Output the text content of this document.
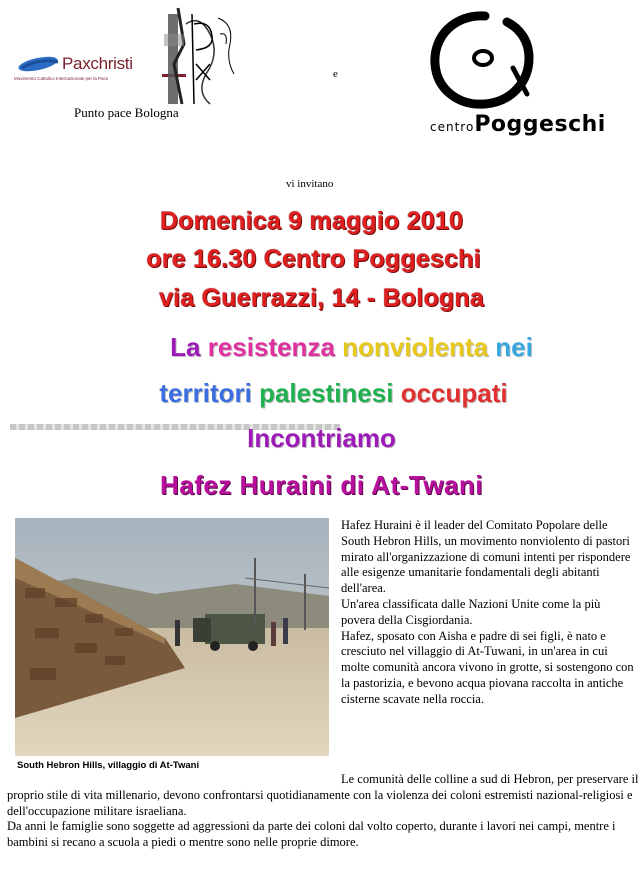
Paxchristi
Movimento Cattolico Internazionale per la Pace
Punto pace Bologna
e
centroPoggeschi
vi invitano
Domenica 9 maggio 2010
ore 16.30 Centro Poggeschi
via Guerrazzi, 14 - Bologna
La resistenza nonviolenta nei
territori palestinesi occupati
Incontriamo
Hafez Huraini di At-Twani
South Hebron Hills, villaggio di At-Twani

Hafez Huraini è il leader del Comitato Popolare delle South Hebron Hills, un movimento nonviolento di pastori mirato all'organizzazione di comuni intenti per rispondere alle esigenze umanitarie fondamentali degli abitanti dell'area.

Un'area classificata dalle Nazioni Unite come la più povera della Cisgiordania.

Hafez, sposato con Aisha e padre di sei figli, è nato e cresciuto nel villaggio di At-Tuwani, in un'area in cui molte comunità ancora vivono in grotte, si sostengono con la pastorizia, e bevono acqua piovana raccolta in antiche cisterne scavate nella roccia.

Le comunità delle colline a sud di Hebron, per preservare il proprio stile di vita millenario, devono confrontarsi quotidianamente con la violenza dei coloni estremisti nazional-religiosi e dell'occupazione militare israeliana.

Da anni le famiglie sono soggette ad aggressioni da parte dei coloni dal volto coperto, durante i lavori nei campi, mentre i bambini si recano a scuola a piedi o mentre sono nelle proprie dimore.
